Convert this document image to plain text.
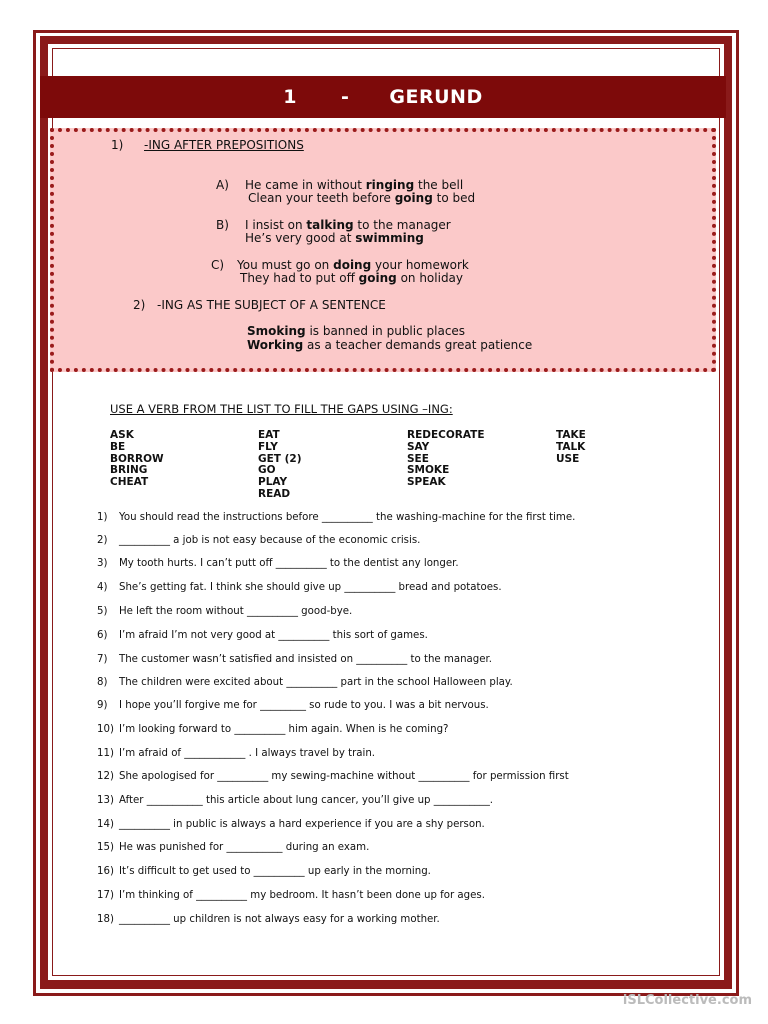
1 - GERUND
1) -ING AFTER PREPOSITIONS
A) He came in without ringing the bell
Clean your teeth before going to bed
B) I insist on talking to the manager
He’s very good at swimming
C) You must go on doing your homework
They had to put off going on holiday
2) -ING AS THE SUBJECT OF A SENTENCE
Smoking is banned in public places
Working as a teacher demands great patience
USE A VERB FROM THE LIST TO FILL THE GAPS USING –ING:
ASK
BE
BORROW
BRING
CHEAT
EAT
FLY
GET (2)
GO
PLAY
READ
REDECORATE
SAY
SEE
SMOKE
SPEAK
TAKE
TALK
USE
1) You should read the instructions before __________ the washing-machine for the first time.
2) __________ a job is not easy because of the economic crisis.
3) My tooth hurts. I can’t putt off __________ to the dentist any longer.
4) She’s getting fat. I think she should give up __________ bread and potatoes.
5) He left the room without __________ good-bye.
6) I’m afraid I’m not very good at __________ this sort of games.
7) The customer wasn’t satisfied and insisted on __________ to the manager.
8) The children were excited about __________ part in the school Halloween play.
9) I hope you’ll forgive me for _________ so rude to you. I was a bit nervous.
10) I’m looking forward to __________ him again. When is he coming?
11) I’m afraid of ____________ . I always travel by train.
12) She apologised for __________ my sewing-machine without __________ for permission first
13) After ___________ this article about lung cancer, you’ll give up ___________.
14) __________ in public is always a hard experience if you are a shy person.
15) He was punished for ___________ during an exam.
16) It’s difficult to get used to __________ up early in the morning.
17) I’m thinking of __________ my bedroom. It hasn’t been done up for ages.
18) __________ up children is not always easy for a working mother.
iSLCollective.com
